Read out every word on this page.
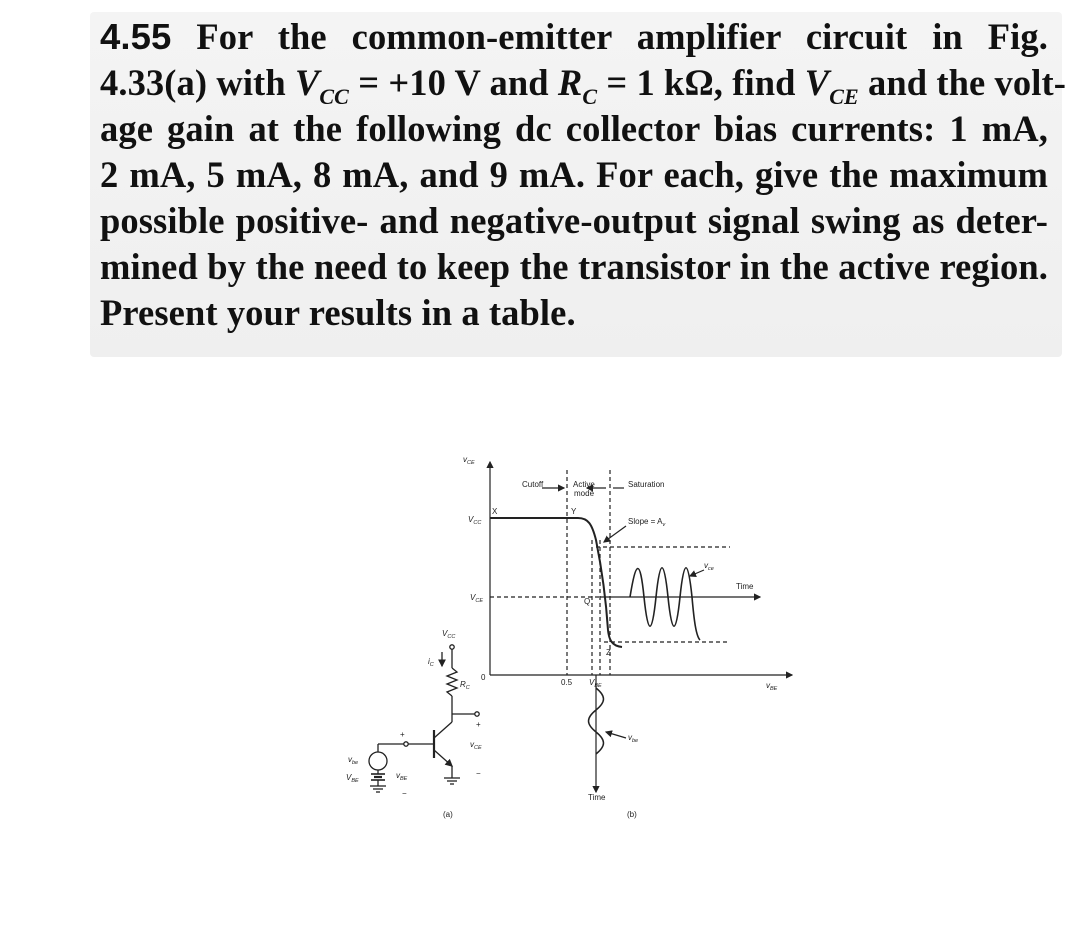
4.55 For the common-emitter amplifier circuit in Fig.
4.33(a) with $V_{CC} = +10$ V and $R_C = 1$ kΩ, find $V_{CE}$ and the volt-
age gain at the following dc collector bias currents: 1 mA,
2 mA, 5 mA, 8 mA, and 9 mA. For each, give the maximum
possible positive- and negative-output signal swing as deter-
mined by the need to keep the transistor in the active region.
Present your results in a table.
$V_{CC}$
$i_C$
$R_C$
+
$v_{CE}$
−
+
$v_{BE}$
−
$v_{be}$
$V_{BE}$
(a)
$v_{CE}$
$v_{BE}$
$V_{CC}$
$V_{CE}$
0
0.5 $V_{BE}$
Cutoff	Active
mode
Saturation
Slope = $A_v$
X	Y
Q
Z
Time
Time
$v_{ce}$
$v_{be}$
(b)
